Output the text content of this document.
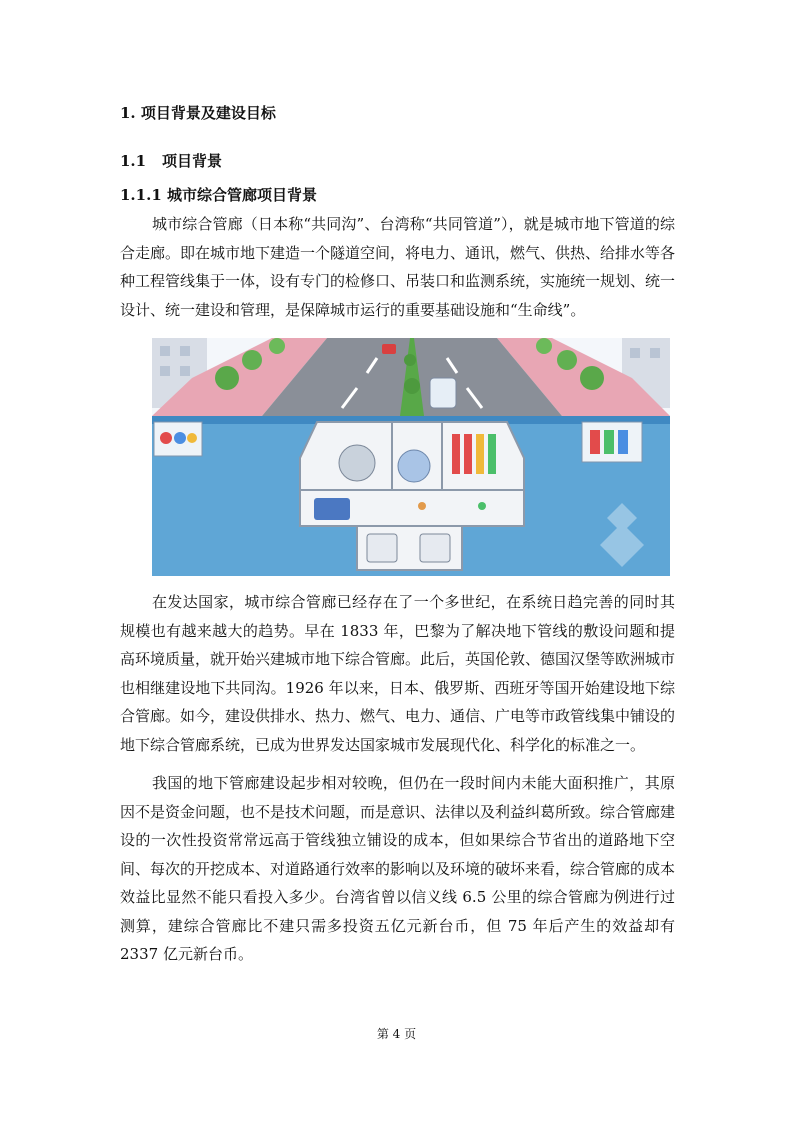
1. 项目背景及建设目标
1.1 项目背景
1.1.1 城市综合管廊项目背景

城市综合管廊（日本称“共同沟”、台湾称“共同管道”），就是城市地下管道的综合走廊。即在城市地下建造一个隧道空间，将电力、通讯，燃气、供热、给排水等各种工程管线集于一体，设有专门的检修口、吊装口和监测系统，实施统一规划、统一设计、统一建设和管理，是保障城市运行的重要基础设施和“生命线”。

在发达国家，城市综合管廊已经存在了一个多世纪，在系统日趋完善的同时其规模也有越来越大的趋势。早在 1833 年，巴黎为了解决地下管线的敷设问题和提高环境质量，就开始兴建城市地下综合管廊。此后，英国伦敦、德国汉堡等欧洲城市也相继建设地下共同沟。1926 年以来，日本、俄罗斯、西班牙等国开始建设地下综合管廊。如今，建设供排水、热力、燃气、电力、通信、广电等市政管线集中铺设的地下综合管廊系统，已成为世界发达国家城市发展现代化、科学化的标准之一。

我国的地下管廊建设起步相对较晚，但仍在一段时间内未能大面积推广，其原因不是资金问题，也不是技术问题，而是意识、法律以及利益纠葛所致。综合管廊建设的一次性投资常常远高于管线独立铺设的成本，但如果综合节省出的道路地下空间、每次的开挖成本、对道路通行效率的影响以及环境的破坏来看，综合管廊的成本效益比显然不能只看投入多少。台湾省曾以信义线 6.5 公里的综合管廊为例进行过测算，建综合管廊比不建只需多投资五亿元新台币，但 75 年后产生的效益却有 2337 亿元新台币。

第 4 页
